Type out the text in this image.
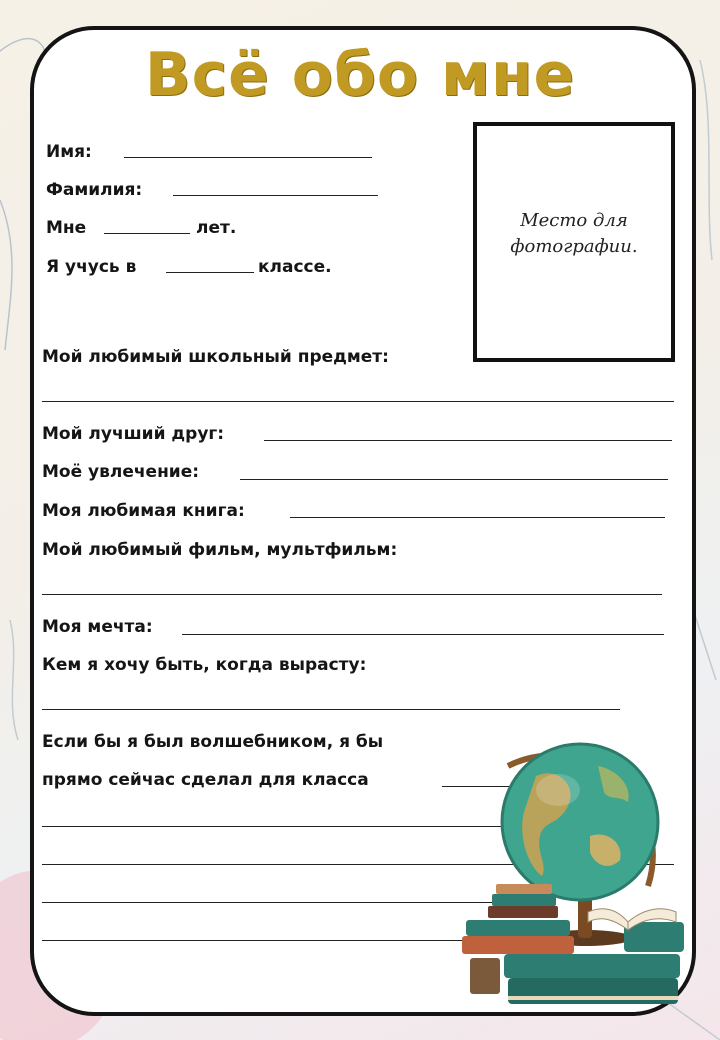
Всё обо мне
Имя:
Фамилия:
Мне	лет.
Я учусь в	классе.
Место для фотографии.
Мой любимый школьный предмет:
Мой лучший друг:
Моё увлечение:
Моя любимая книга:
Мой любимый фильм, мультфильм:
Моя мечта:
Кем я хочу быть, когда вырасту:
Если бы я был волшебником, я бы
прямо сейчас сделал для класса
